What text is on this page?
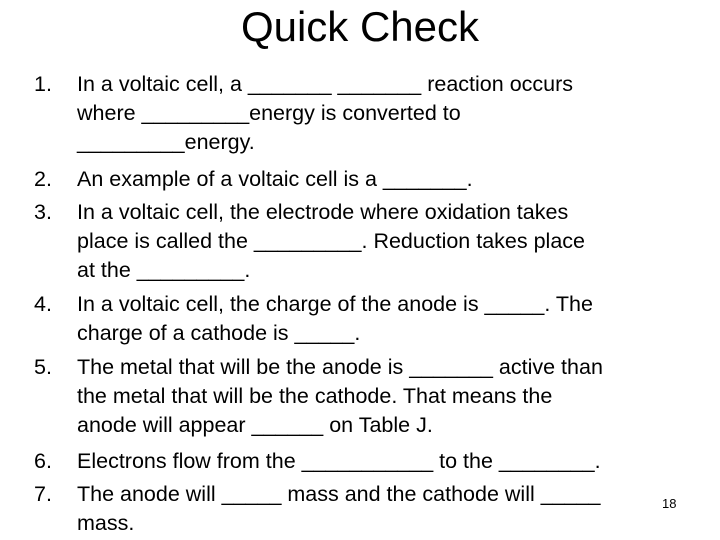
Quick Check
1. In a voltaic cell, a _______ _______ reaction occurs
where _________energy is converted to
_________energy.
2. An example of a voltaic cell is a _______.
3. In a voltaic cell, the electrode where oxidation takes
place is called the _________. Reduction takes place
at the _________.
4. In a voltaic cell, the charge of the anode is _____. The
charge of a cathode is _____.
5. The metal that will be the anode is _______ active than
the metal that will be the cathode. That means the
anode will appear ______ on Table J.
6. Electrons flow from the ___________ to the ________.
7. The anode will _____ mass and the cathode will _____
mass.
18
